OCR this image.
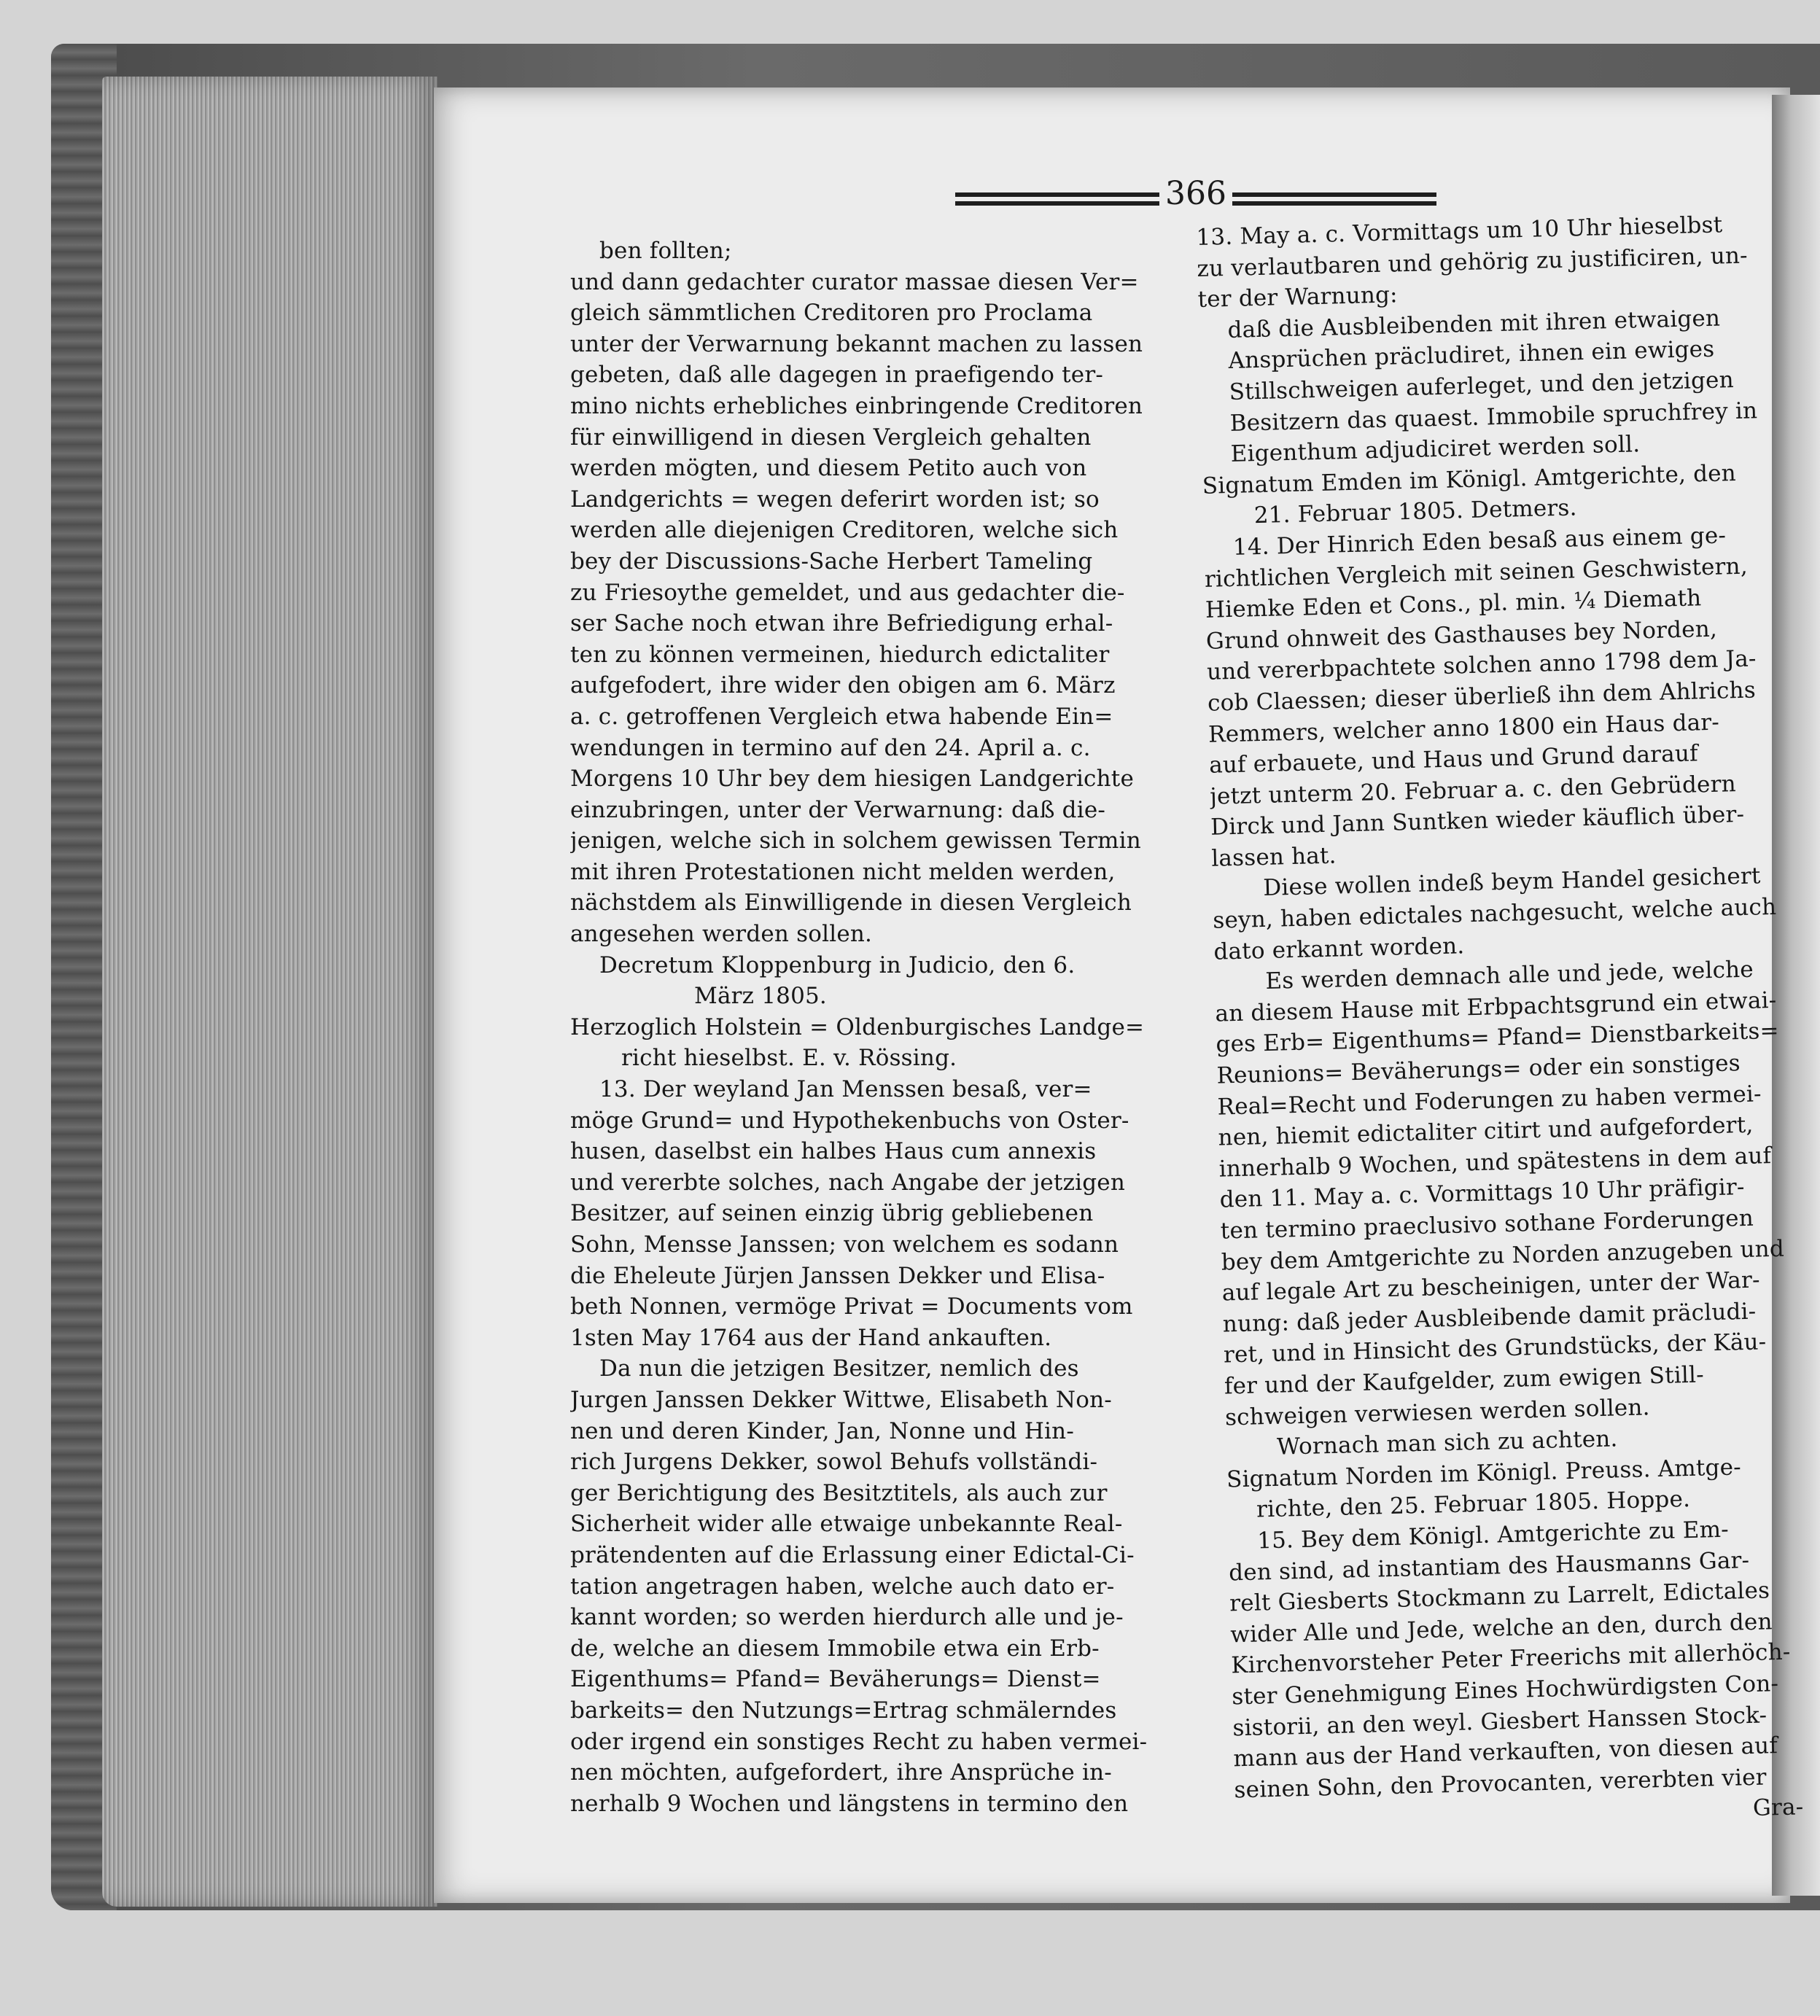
366
ben follten;
und dann gedachter curator massae diesen Ver=
gleich sämmtlichen Creditoren pro Proclama
unter der Verwarnung bekannt machen zu lassen
gebeten, daß alle dagegen in praefigendo ter-
mino nichts erhebliches einbringende Creditoren
für einwilligend in diesen Vergleich gehalten
werden mögten, und diesem Petito auch von
Landgerichts = wegen deferirt worden ist; so
werden alle diejenigen Creditoren, welche sich
bey der Discussions-Sache Herbert Tameling
zu Friesoythe gemeldet, und aus gedachter die-
ser Sache noch etwan ihre Befriedigung erhal-
ten zu können vermeinen, hiedurch edictaliter
aufgefodert, ihre wider den obigen am 6. März
a. c. getroffenen Vergleich etwa habende Ein=
wendungen in termino auf den 24. April a. c.
Morgens 10 Uhr bey dem hiesigen Landgerichte
einzubringen, unter der Verwarnung: daß die-
jenigen, welche sich in solchem gewissen Termin
mit ihren Protestationen nicht melden werden,
nächstdem als Einwilligende in diesen Vergleich
angesehen werden sollen.
Decretum Kloppenburg in Judicio, den 6.
März 1805.
Herzoglich Holstein = Oldenburgisches Landge=
richt hieselbst. E. v. Rössing.
13. Der weyland Jan Menssen besaß, ver=
möge Grund= und Hypothekenbuchs von Oster-
husen, daselbst ein halbes Haus cum annexis
und vererbte solches, nach Angabe der jetzigen
Besitzer, auf seinen einzig übrig gebliebenen
Sohn, Mensse Janssen; von welchem es sodann
die Eheleute Jürjen Janssen Dekker und Elisa-
beth Nonnen, vermöge Privat = Documents vom
1sten May 1764 aus der Hand ankauften.
Da nun die jetzigen Besitzer, nemlich des
Jurgen Janssen Dekker Wittwe, Elisabeth Non-
nen und deren Kinder, Jan, Nonne und Hin-
rich Jurgens Dekker, sowol Behufs vollständi-
ger Berichtigung des Besitztitels, als auch zur
Sicherheit wider alle etwaige unbekannte Real-
prätendenten auf die Erlassung einer Edictal-Ci-
tation angetragen haben, welche auch dato er-
kannt worden; so werden hierdurch alle und je-
de, welche an diesem Immobile etwa ein Erb-
Eigenthums= Pfand= Beväherungs= Dienst=
barkeits= den Nutzungs=Ertrag schmälerndes
oder irgend ein sonstiges Recht zu haben vermei-
nen möchten, aufgefordert, ihre Ansprüche in-
nerhalb 9 Wochen und längstens in termino den
13. May a. c. Vormittags um 10 Uhr hieselbst
zu verlautbaren und gehörig zu justificiren, un-
ter der Warnung:
daß die Ausbleibenden mit ihren etwaigen
Ansprüchen präcludiret, ihnen ein ewiges
Stillschweigen auferleget, und den jetzigen
Besitzern das quaest. Immobile spruchfrey in
Eigenthum adjudiciret werden soll.
Signatum Emden im Königl. Amtgerichte, den
21. Februar 1805. Detmers.
14. Der Hinrich Eden besaß aus einem ge-
richtlichen Vergleich mit seinen Geschwistern,
Hiemke Eden et Cons., pl. min. ¼ Diemath
Grund ohnweit des Gasthauses bey Norden,
und vererbpachtete solchen anno 1798 dem Ja-
cob Claessen; dieser überließ ihn dem Ahlrichs
Remmers, welcher anno 1800 ein Haus dar-
auf erbauete, und Haus und Grund darauf
jetzt unterm 20. Februar a. c. den Gebrüdern
Dirck und Jann Suntken wieder käuflich über-
lassen hat.
Diese wollen indeß beym Handel gesichert
seyn, haben edictales nachgesucht, welche auch
dato erkannt worden.
Es werden demnach alle und jede, welche
an diesem Hause mit Erbpachtsgrund ein etwai-
ges Erb= Eigenthums= Pfand= Dienstbarkeits=
Reunions= Beväherungs= oder ein sonstiges
Real=Recht und Foderungen zu haben vermei-
nen, hiemit edictaliter citirt und aufgefordert,
innerhalb 9 Wochen, und spätestens in dem auf
den 11. May a. c. Vormittags 10 Uhr präfigir-
ten termino praeclusivo sothane Forderungen
bey dem Amtgerichte zu Norden anzugeben und
auf legale Art zu bescheinigen, unter der War-
nung: daß jeder Ausbleibende damit präcludi-
ret, und in Hinsicht des Grundstücks, der Käu-
fer und der Kaufgelder, zum ewigen Still-
schweigen verwiesen werden sollen.
Wornach man sich zu achten.
Signatum Norden im Königl. Preuss. Amtge-
richte, den 25. Februar 1805. Hoppe.
15. Bey dem Königl. Amtgerichte zu Em-
den sind, ad instantiam des Hausmanns Gar-
relt Giesberts Stockmann zu Larrelt, Edictales
wider Alle und Jede, welche an den, durch den
Kirchenvorsteher Peter Freerichs mit allerhöch-
ster Genehmigung Eines Hochwürdigsten Con-
sistorii, an den weyl. Giesbert Hanssen Stock-
mann aus der Hand verkauften, von diesen auf
seinen Sohn, den Provocanten, vererbten vier
Gra-
